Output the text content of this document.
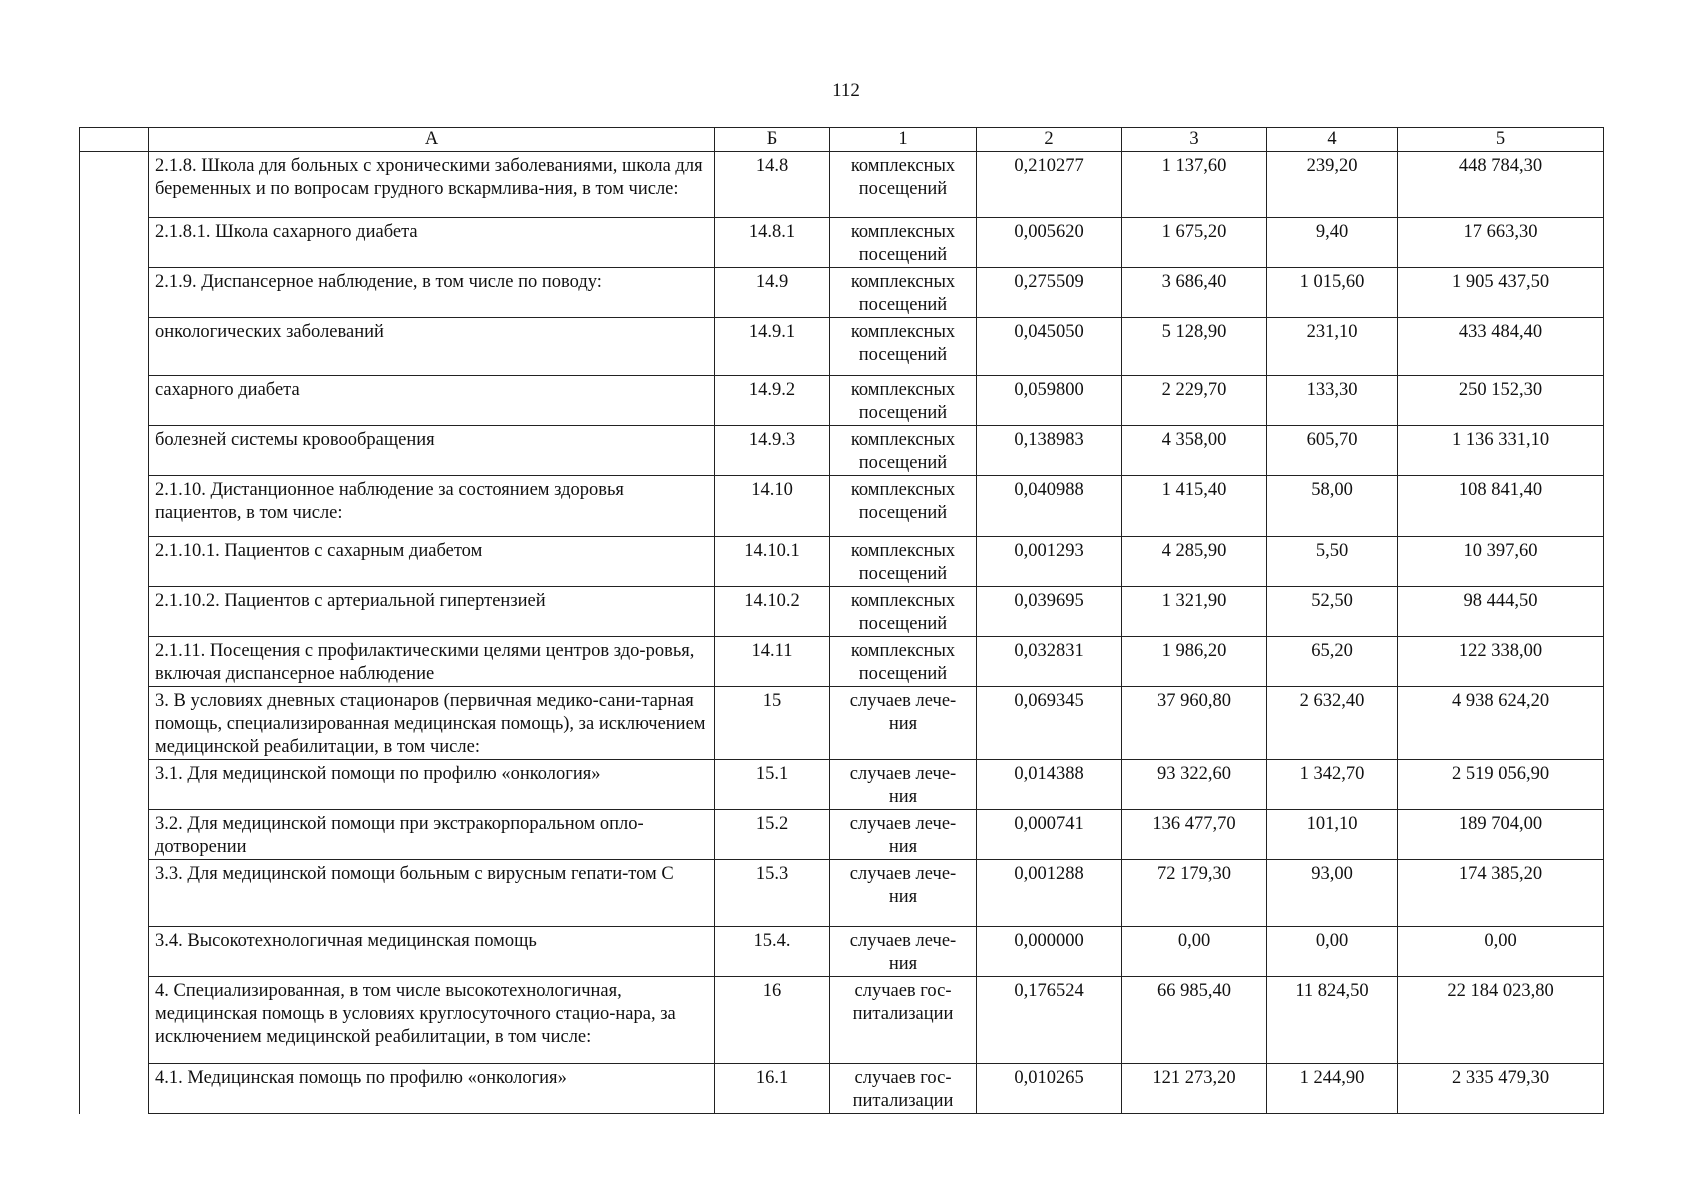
112
	А	Б	1	2	3	4	5
	2.1.8. Школа для больных с хроническими заболеваниями, школа для беременных и по вопросам грудного вскармлива-ния, в том числе:	14.8	комплексных посещений	0,210277	1 137,60	239,20	448 784,30
	2.1.8.1. Школа сахарного диабета	14.8.1	комплексных посещений	0,005620	1 675,20	9,40	17 663,30
	2.1.9. Диспансерное наблюдение, в том числе по поводу:	14.9	комплексных посещений	0,275509	3 686,40	1 015,60	1 905 437,50
	онкологических заболеваний	14.9.1	комплексных посещений	0,045050	5 128,90	231,10	433 484,40
	сахарного диабета	14.9.2	комплексных посещений	0,059800	2 229,70	133,30	250 152,30
	болезней системы кровообращения	14.9.3	комплексных посещений	0,138983	4 358,00	605,70	1 136 331,10
	2.1.10. Дистанционное наблюдение за состоянием здоровья пациентов, в том числе:	14.10	комплексных посещений	0,040988	1 415,40	58,00	108 841,40
	2.1.10.1. Пациентов с сахарным диабетом	14.10.1	комплексных посещений	0,001293	4 285,90	5,50	10 397,60
	2.1.10.2. Пациентов с артериальной гипертензией	14.10.2	комплексных посещений	0,039695	1 321,90	52,50	98 444,50
	2.1.11. Посещения с профилактическими целями центров здо-ровья, включая диспансерное наблюдение	14.11	комплексных посещений	0,032831	1 986,20	65,20	122 338,00
	3. В условиях дневных стационаров (первичная медико-сани-тарная помощь, специализированная медицинская помощь), за исключением медицинской реабилитации, в том числе:	15	случаев лече-ния	0,069345	37 960,80	2 632,40	4 938 624,20
	3.1. Для медицинской помощи по профилю «онкология»	15.1	случаев лече-ния	0,014388	93 322,60	1 342,70	2 519 056,90
	3.2. Для медицинской помощи при экстракорпоральном опло-дотворении	15.2	случаев лече-ния	0,000741	136 477,70	101,10	189 704,00
	3.3. Для медицинской помощи больным с вирусным гепати-том С	15.3	случаев лече-ния	0,001288	72 179,30	93,00	174 385,20
	3.4. Высокотехнологичная медицинская помощь	15.4.	случаев лече-ния	0,000000	0,00	0,00	0,00
	4. Специализированная, в том числе высокотехнологичная, медицинская помощь в условиях круглосуточного стацио-нара, за исключением медицинской реабилитации, в том числе:	16	случаев гос-питализации	0,176524	66 985,40	11 824,50	22 184 023,80
	4.1. Медицинская помощь по профилю «онкология»	16.1	случаев гос-питализации	0,010265	121 273,20	1 244,90	2 335 479,30
